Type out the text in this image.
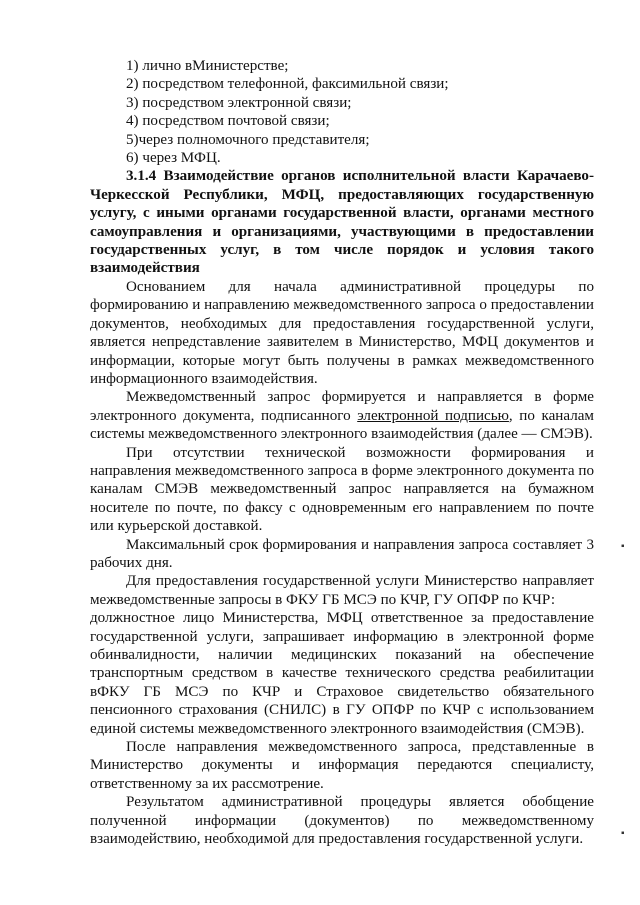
1) лично вМинистерстве;
2) посредством телефонной, факсимильной связи;
3) посредством электронной связи;
4) посредством почтовой связи;
5)через полномочного представителя;
6) через МФЦ.

3.1.4 Взаимодействие органов исполнительной власти Карачаево-Черкесской Республики, МФЦ, предоставляющих государственную услугу, с иными органами государственной власти, органами местного самоуправления и организациями, участвующими в предоставлении государственных услуг, в том числе порядок и условия такого взаимодействия

Основанием для начала административной процедуры по формированию и направлению межведомственного запроса о предоставлении документов, необходимых для предоставления государственной услуги, является непредставление заявителем в Министерство, МФЦ документов и информации, которые могут быть получены в рамках межведомственного информационного взаимодействия.

Межведомственный запрос формируется и направляется в форме электронного документа, подписанного электронной подписью, по каналам системы межведомственного электронного взаимодействия (далее — СМЭВ).

При отсутствии технической возможности формирования и направления межведомственного запроса в форме электронного документа по каналам СМЭВ межведомственный запрос направляется на бумажном носителе по почте, по факсу с одновременным его направлением по почте или курьерской доставкой.

Максимальный срок формирования и направления запроса составляет 3 рабочих дня.

Для предоставления государственной услуги Министерство направляет межведомственные запросы в ФКУ ГБ МСЭ по КЧР, ГУ ОПФР по КЧР:

должностное лицо Министерства, МФЦ ответственное за предоставление государственной услуги, запрашивает информацию в электронной форме обинвалидности, наличии медицинских показаний на обеспечение транспортным средством в качестве технического средства реабилитации вФКУ ГБ МСЭ по КЧР и Страховое свидетельство обязательного пенсионного страхования (СНИЛС) в ГУ ОПФР по КЧР с использованием единой системы межведомственного электронного взаимодействия (СМЭВ).

После направления межведомственного запроса, представленные в Министерство документы и информация передаются специалисту, ответственному за их рассмотрение.

Результатом административной процедуры является обобщение полученной информации (документов) по межведомственному взаимодействию, необходимой для предоставления государственной услуги.

▪
▪
